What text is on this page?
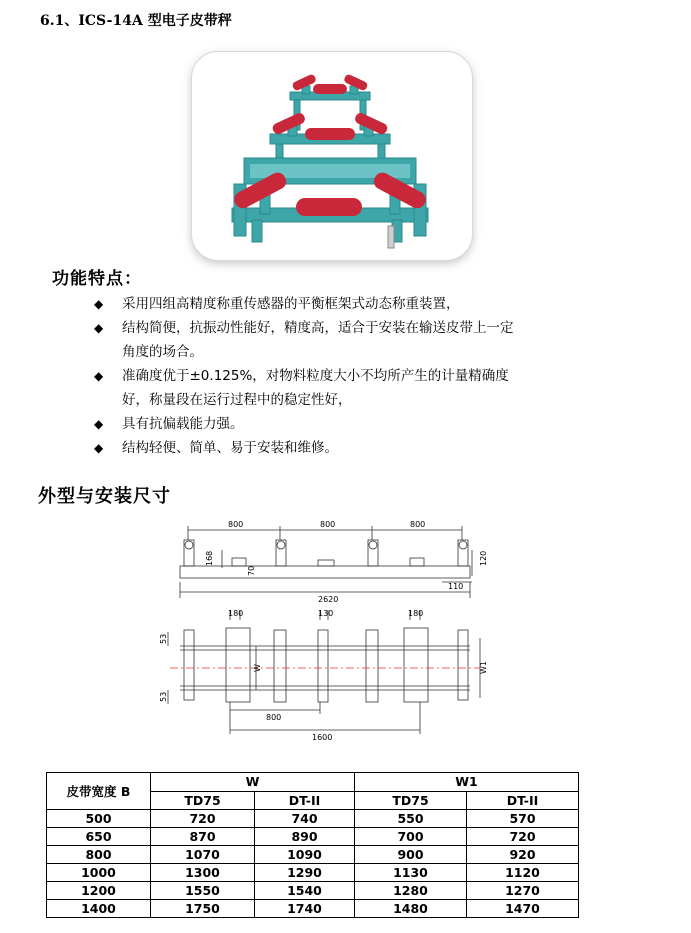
6.1、ICS-14A 型电子皮带秤
功能特点：
◆	采用四组高精度称重传感器的平衡框架式动态称重装置，
◆	结构简便，抗振动性能好，精度高，适合于安装在输送皮带上一定
角度的场合。
◆	准确度优于±0.125%，对物料粒度大小不均所产生的计量精确度
好，称量段在运行过程中的稳定性好，
◆	具有抗偏载能力强。
◆	结构轻便、简单、易于安装和维修。
外型与安装尺寸
800	800	800
168
70
120
110
2620
180	130	180
53
53
W	W1
800
1600
皮带宽度 B	W		W1	
	TD75	DT-II	TD75	DT-II
500	720	740	550	570
650	870	890	700	720
800	1070	1090	900	920
1000	1300	1290	1130	1120
1200	1550	1540	1280	1270
1400	1750	1740	1480	1470
